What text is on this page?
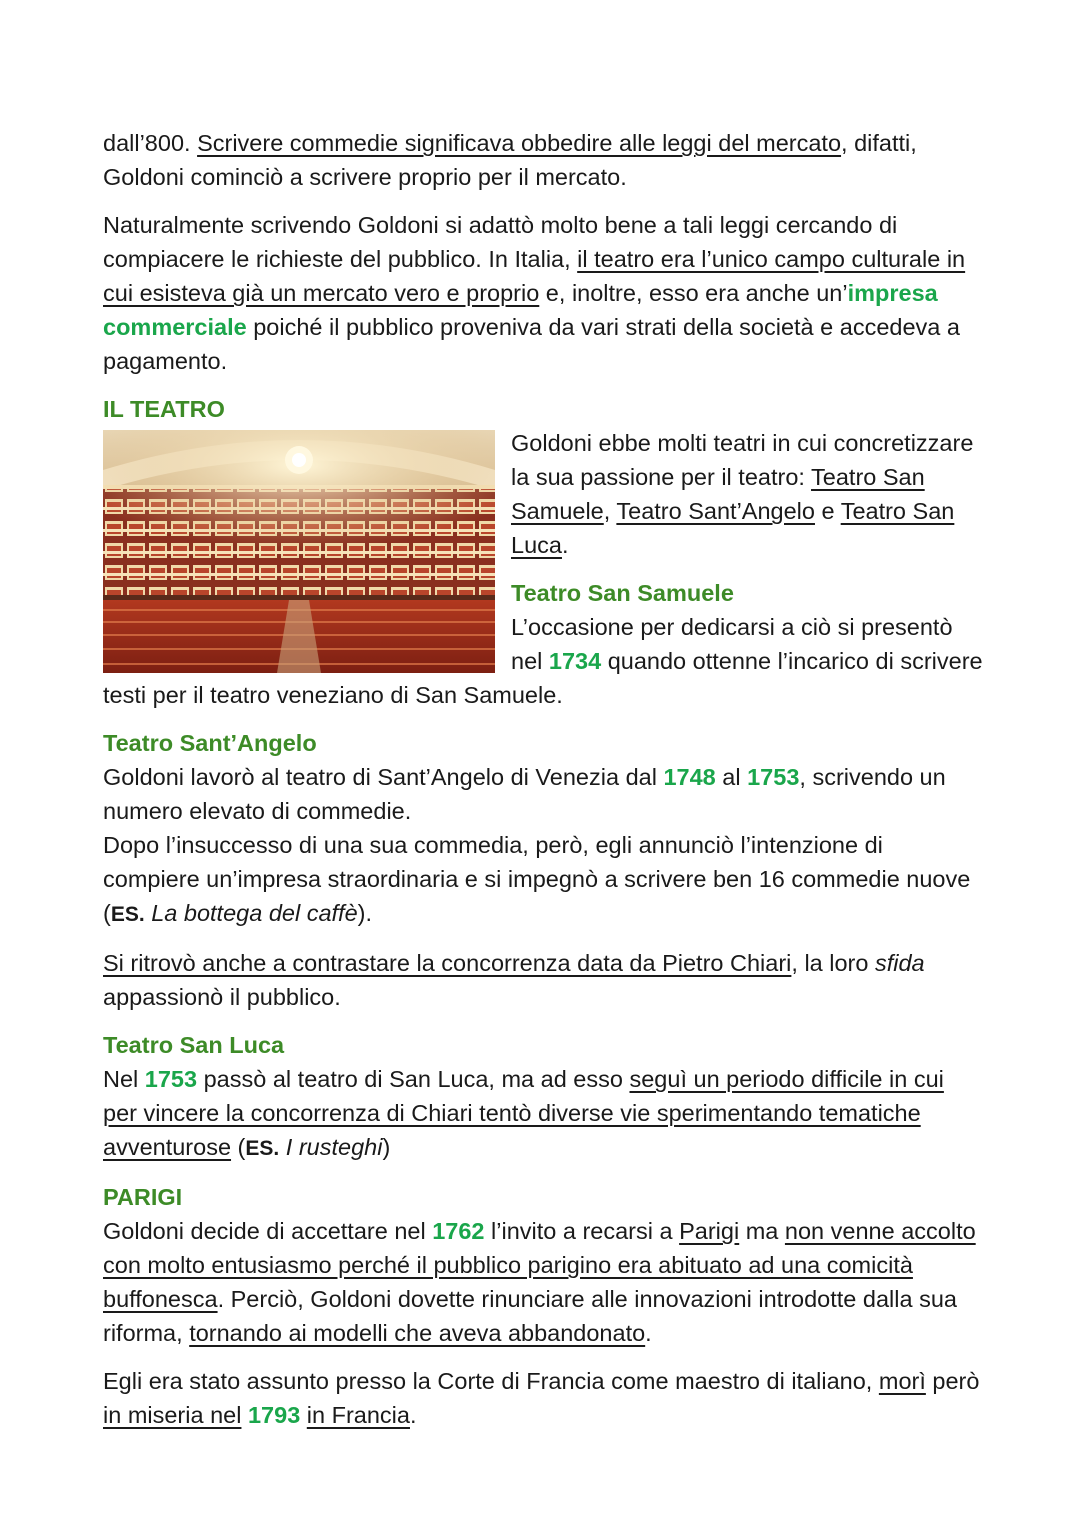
dall’800. Scrivere commedie significava obbedire alle leggi del mercato, difatti, Goldoni cominciò a scrivere proprio per il mercato.

Naturalmente scrivendo Goldoni si adattò molto bene a tali leggi cercando di compiacere le richieste del pubblico. In Italia, il teatro era l’unico campo culturale in cui esisteva già un mercato vero e proprio e, inoltre, esso era anche un’impresa commerciale poiché il pubblico proveniva da vari strati della società e accedeva a pagamento.

IL TEATRO

Goldoni ebbe molti teatri in cui concretizzare la sua passione per il teatro: Teatro San Samuele, Teatro Sant’Angelo e Teatro San Luca.

Teatro San Samuele

L’occasione per dedicarsi a ciò si presentò nel 1734 quando ottenne l’incarico di scrivere testi per il teatro veneziano di San Samuele.

Teatro Sant’Angelo

Goldoni lavorò al teatro di Sant’Angelo di Venezia dal 1748 al 1753, scrivendo un numero elevato di commedie.

Dopo l’insuccesso di una sua commedia, però, egli annunciò l’intenzione di compiere un’impresa straordinaria e si impegnò a scrivere ben 16 commedie nuove (ES. La bottega del caffè).

Si ritrovò anche a contrastare la concorrenza data da Pietro Chiari, la loro sfida appassionò il pubblico.

Teatro San Luca

Nel 1753 passò al teatro di San Luca, ma ad esso seguì un periodo difficile in cui per vincere la concorrenza di Chiari tentò diverse vie sperimentando tematiche avventurose (ES. I rusteghi)

PARIGI

Goldoni decide di accettare nel 1762 l’invito a recarsi a Parigi ma non venne accolto con molto entusiasmo perché il pubblico parigino era abituato ad una comicità buffonesca. Perciò, Goldoni dovette rinunciare alle innovazioni introdotte dalla sua riforma, tornando ai modelli che aveva abbandonato.

Egli era stato assunto presso la Corte di Francia come maestro di italiano, morì però in miseria nel 1793 in Francia.
